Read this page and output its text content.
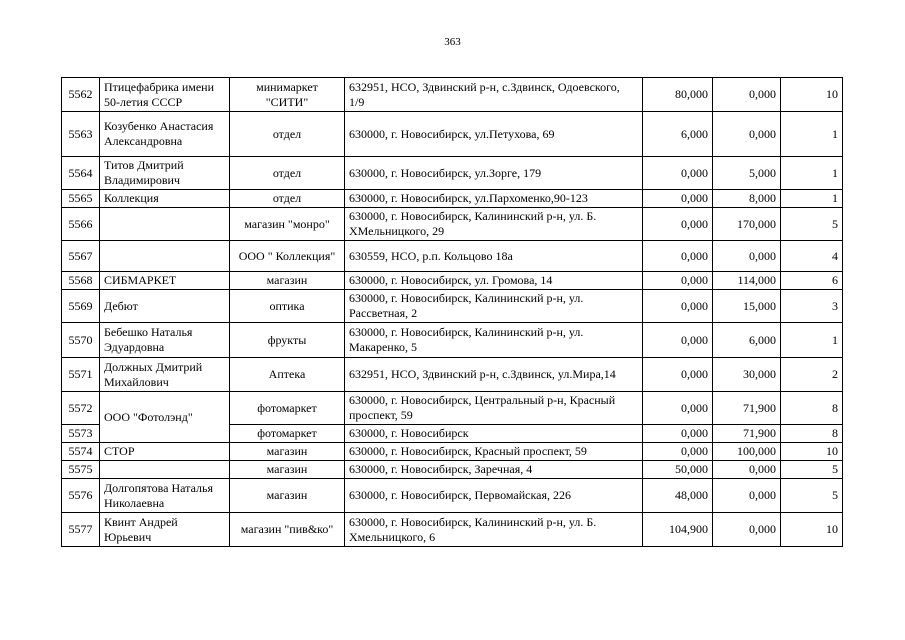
363
5562	Птицефабрика имени 50-летия СССР	минимаркет "СИТИ"	632951, НСО, Здвинский р-н, с.Здвинск, Одоевского, 1/9	80,000	0,000	10
5563	Козубенко Анастасия Александровна	отдел	630000, г. Новосибирск, ул.Петухова, 69	6,000	0,000	1
5564	Титов Дмитрий Владимирович	отдел	630000, г. Новосибирск, ул.Зорге, 179	0,000	5,000	1
5565	Коллекция	отдел	630000, г. Новосибирск, ул.Пархоменко,90-123	0,000	8,000	1
5566		магазин "монро"	630000, г. Новосибирск, Калининский р-н, ул. Б. ХМельницкого, 29	0,000	170,000	5
5567		ООО " Коллекция"	630559, НСО, р.п. Кольцово 18а	0,000	0,000	4
5568	СИБМАРКЕТ	магазин	630000, г. Новосибирск, ул. Громова, 14	0,000	114,000	6
5569	Дебют	оптика	630000, г. Новосибирск, Калининский р-н, ул. Рассветная, 2	0,000	15,000	3
5570	Бебешко Наталья Эдуардовна	фрукты	630000, г. Новосибирск, Калининский р-н, ул. Макаренко, 5	0,000	6,000	1
5571	Должных Дмитрий Михайлович	Аптека	632951, НСО, Здвинский р-н, с.Здвинск, ул.Мира,14	0,000	30,000	2
5572	ООО "Фотолэнд"	фотомаркет	630000, г. Новосибирск, Центральный р-н, Красный проспект, 59	0,000	71,900	8
5573		фотомаркет	630000, г. Новосибирск	0,000	71,900	8
5574	СТОР	магазин	630000, г. Новосибирск, Красный проспект, 59	0,000	100,000	10
5575		магазин	630000, г. Новосибирск, Заречная, 4	50,000	0,000	5
5576	Долгопятова Наталья Николаевна	магазин	630000, г. Новосибирск, Первомайская, 226	48,000	0,000	5
5577	Квинт Андрей Юрьевич	магазин "пив&ко"	630000, г. Новосибирск, Калининский р-н, ул. Б. Хмельницкого, 6	104,900	0,000	10
